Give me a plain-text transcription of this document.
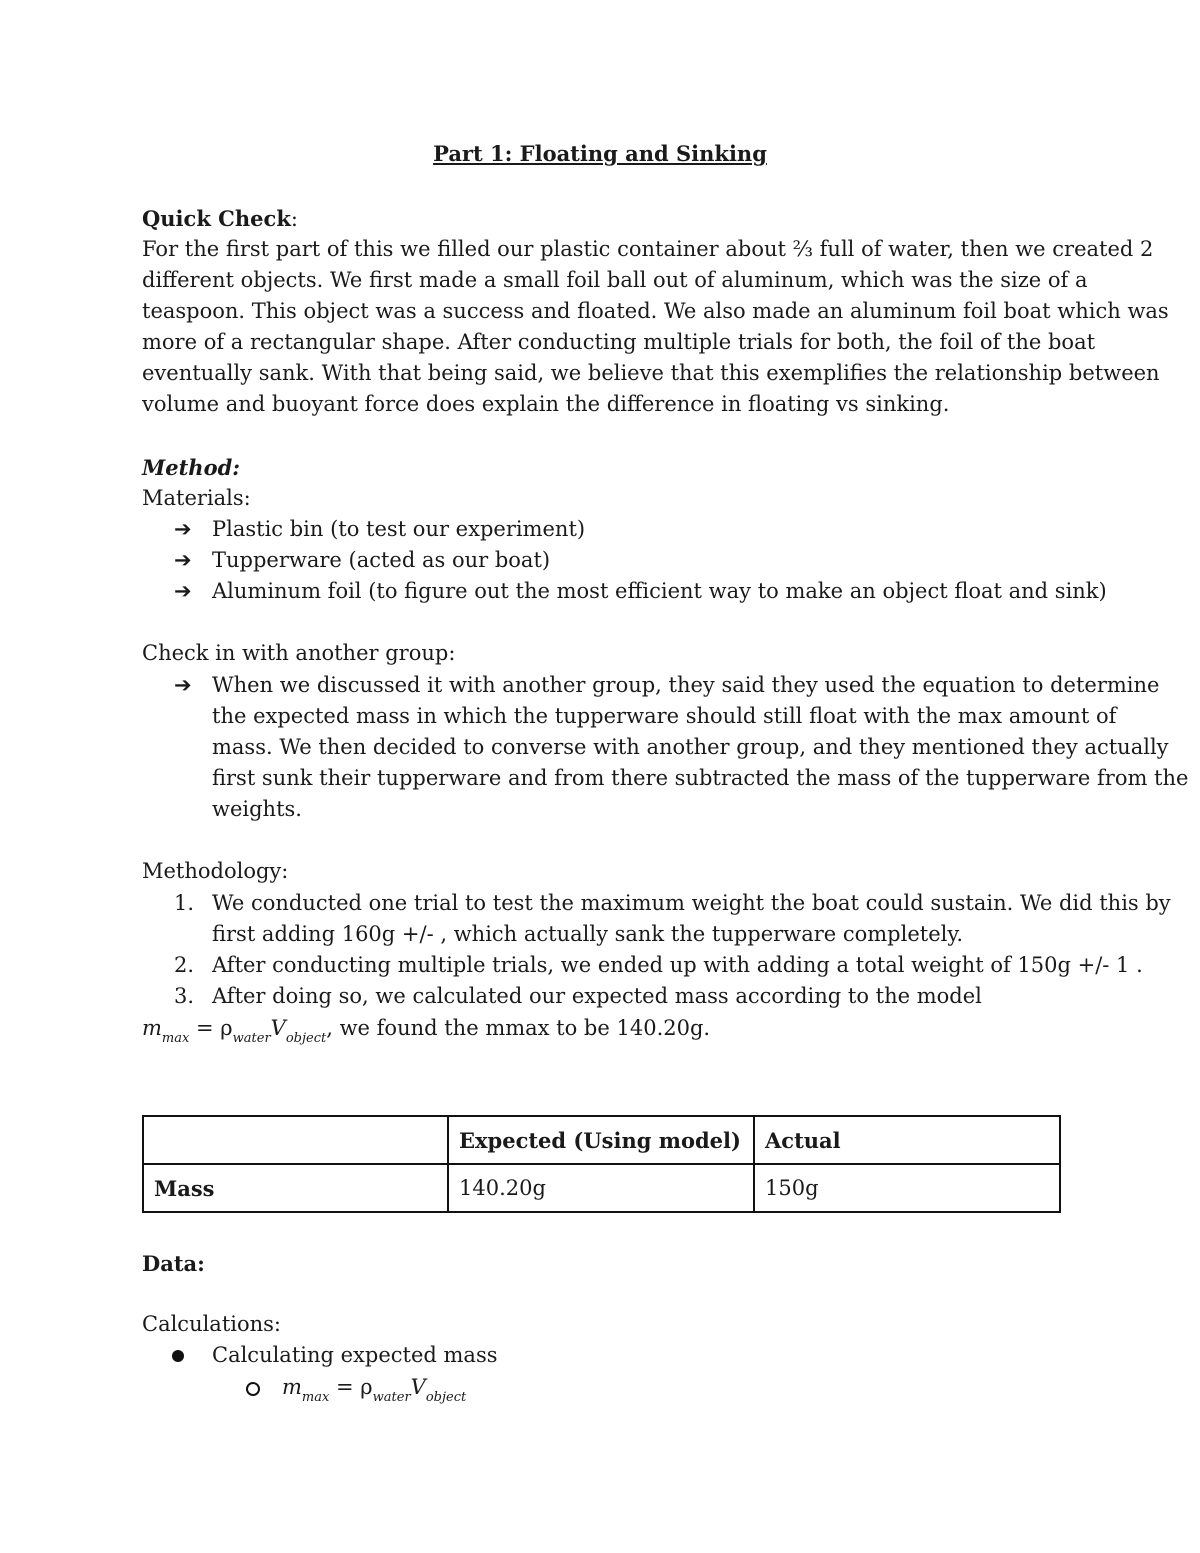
Part 1: Floating and Sinking
Quick Check:
For the first part of this we filled our plastic container about ⅔ full of water, then we created 2
different objects. We first made a small foil ball out of aluminum, which was the size of a
teaspoon. This object was a success and floated. We also made an aluminum foil boat which was
more of a rectangular shape. After conducting multiple trials for both, the foil of the boat
eventually sank. With that being said, we believe that this exemplifies the relationship between
volume and buoyant force does explain the difference in floating vs sinking.
Method:
Materials:
➔ Plastic bin (to test our experiment)
➔ Tupperware (acted as our boat)
➔ Aluminum foil (to figure out the most efficient way to make an object float and sink)
Check in with another group:
➔ When we discussed it with another group, they said they used the equation to determine
the expected mass in which the tupperware should still float with the max amount of
mass. We then decided to converse with another group, and they mentioned they actually
first sunk their tupperware and from there subtracted the mass of the tupperware from the
weights.
Methodology:
1. We conducted one trial to test the maximum weight the boat could sustain. We did this by
first adding 160g +/- , which actually sank the tupperware completely.
2. After conducting multiple trials, we ended up with adding a total weight of 150g +/- 1 .
3. After doing so, we calculated our expected mass according to the model
$m_{max} = \rho_{water}V_{object}$, we found the mmax to be 140.20g.
	Expected (Using model)	Actual
Mass	140.20g	150g
Data:
Calculations:
Calculating expected mass
$m_{max} = \rho_{water}V_{object}$
